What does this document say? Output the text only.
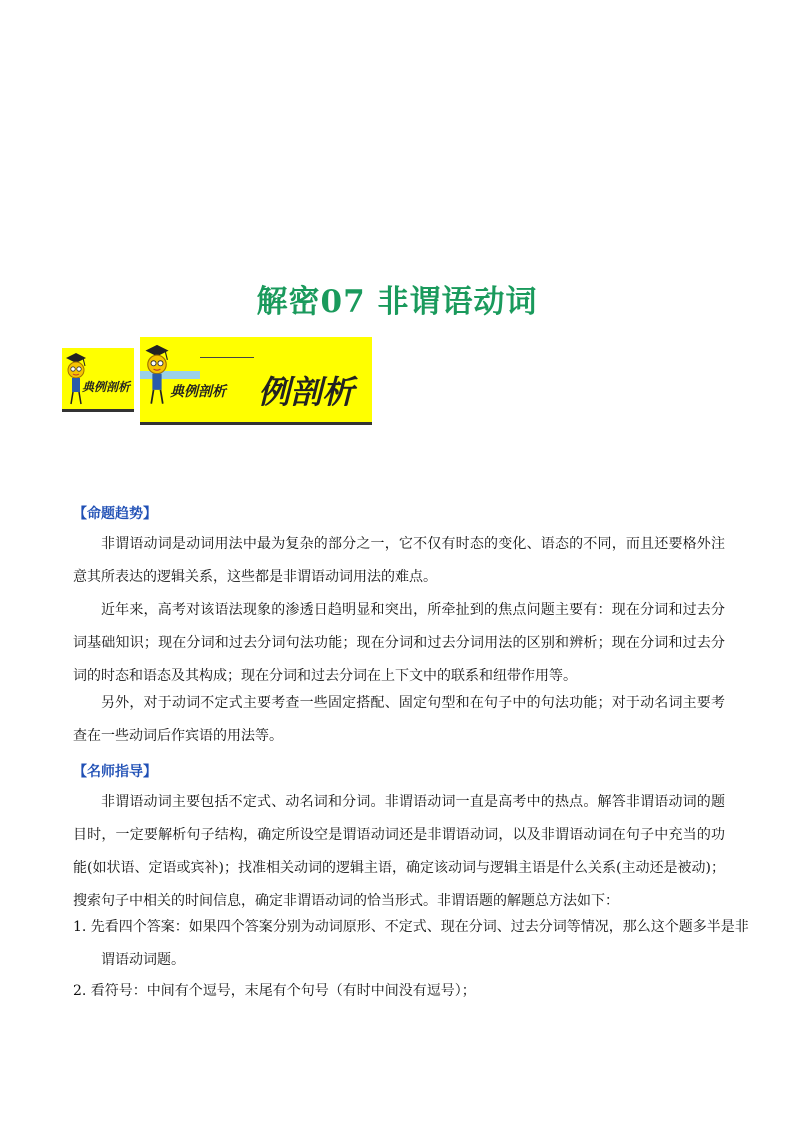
解密07 非谓语动词
典例剖析	典例剖析 例剖析
【命题趋势】

非谓语动词是动词用法中最为复杂的部分之一，它不仅有时态的变化、语态的不同，而且还要格外注意其所表达的逻辑关系，这些都是非谓语动词用法的难点。

近年来，高考对该语法现象的渗透日趋明显和突出，所牵扯到的焦点问题主要有：现在分词和过去分词基础知识；现在分词和过去分词句法功能；现在分词和过去分词用法的区别和辨析；现在分词和过去分词的时态和语态及其构成；现在分词和过去分词在上下文中的联系和纽带作用等。

另外，对于动词不定式主要考查一些固定搭配、固定句型和在句子中的句法功能；对于动名词主要考查在一些动词后作宾语的用法等。

【名师指导】

非谓语动词主要包括不定式、动名词和分词。非谓语动词一直是高考中的热点。解答非谓语动词的题目时，一定要解析句子结构，确定所设空是谓语动词还是非谓语动词，以及非谓语动词在句子中充当的功能(如状语、定语或宾补)；找准相关动词的逻辑主语，确定该动词与逻辑主语是什么关系(主动还是被动)；搜索句子中相关的时间信息，确定非谓语动词的恰当形式。非谓语题的解题总方法如下：

1. 先看四个答案：如果四个答案分别为动词原形、不定式、现在分词、过去分词等情况，那么这个题多半是非谓语动词题。

2. 看符号：中间有个逗号，末尾有个句号（有时中间没有逗号）；
